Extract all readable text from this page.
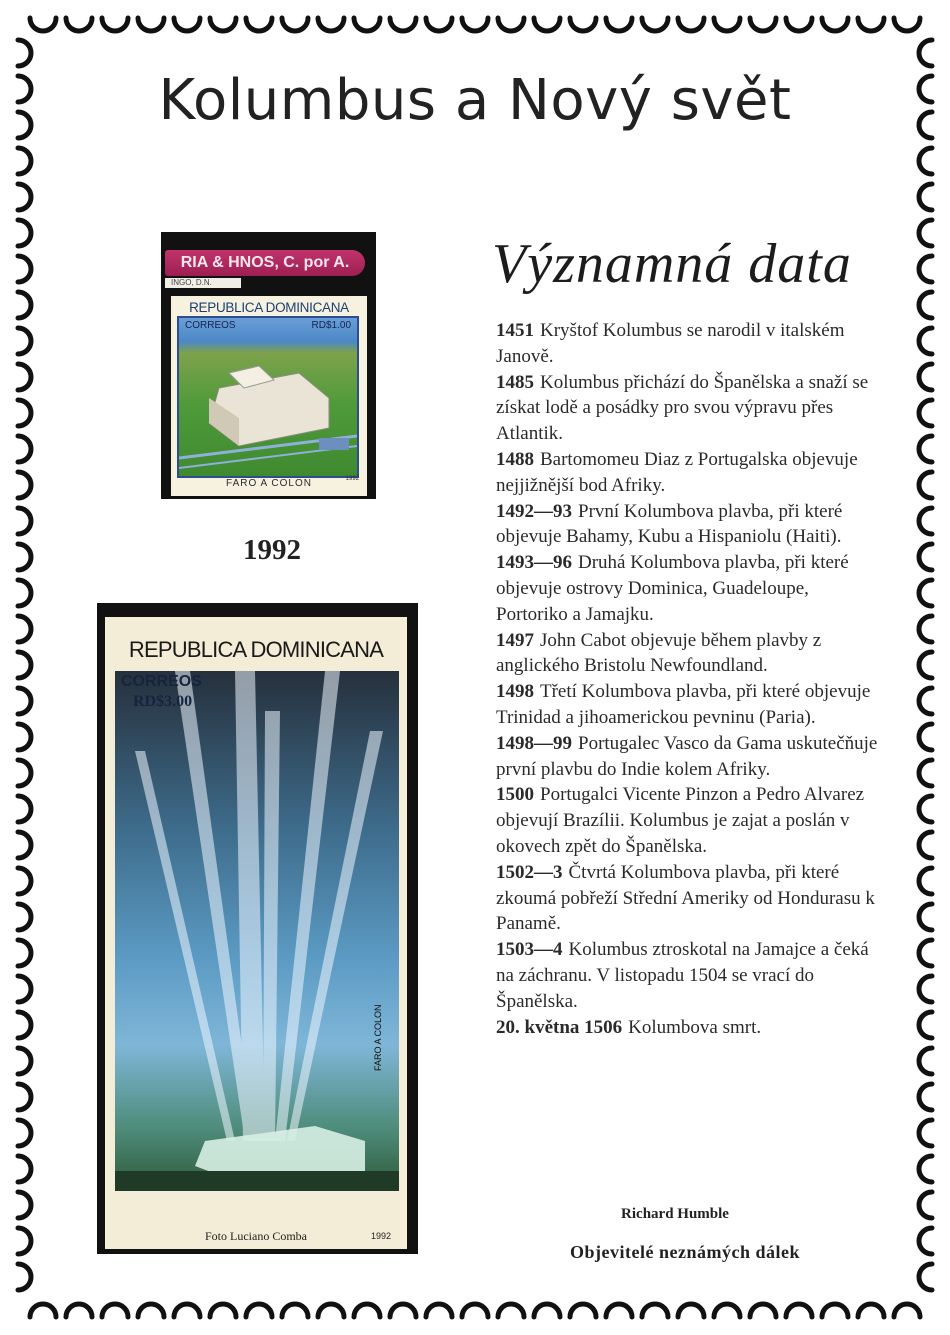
Kolumbus a Nový svět
RIA & HNOS, C. por A.
INGO, D.N.
REPUBLICA DOMINICANA
CORREOS	RD$1.00
FARO A COLON	1992
1992
REPUBLICA DOMINICANA
CORREOS
RD$3.00
FARO A COLON
Foto Luciano Comba	1992
Významná data

1451 Kryštof Kolumbus se narodil v italském Janově.

1485 Kolumbus přichází do Španělska a snaží se získat lodě a posádky pro svou výpravu přes Atlantik.

1488 Bartomomeu Diaz z Portugalska objevuje nejjižnější bod Afriky.

1492—93 První Kolumbova plavba, při které objevuje Bahamy, Kubu a Hispaniolu (Haiti).

1493—96 Druhá Kolumbova plavba, při které objevuje ostrovy Dominica, Guadeloupe, Portoriko a Jamajku.

1497 John Cabot objevuje během plavby z anglického Bristolu Newfoundland.

1498 Třetí Kolumbova plavba, při které objevuje Trinidad a jihoamerickou pevninu (Paria).

1498—99 Portugalec Vasco da Gama uskutečňuje první plavbu do Indie kolem Afriky.

1500 Portugalci Vicente Pinzon a Pedro Alvarez objevují Brazílii. Kolumbus je zajat a poslán v okovech zpět do Španělska.

1502—3 Čtvrtá Kolumbova plavba, při které zkoumá pobřeží Střední Ameriky od Hondurasu k Panamě.

1503—4 Kolumbus ztroskotal na Jamajce a čeká na záchranu. V listopadu 1504 se vrací do Španělska.

20. května 1506 Kolumbova smrt.

Richard Humble
Objevitelé neznámých dálek
